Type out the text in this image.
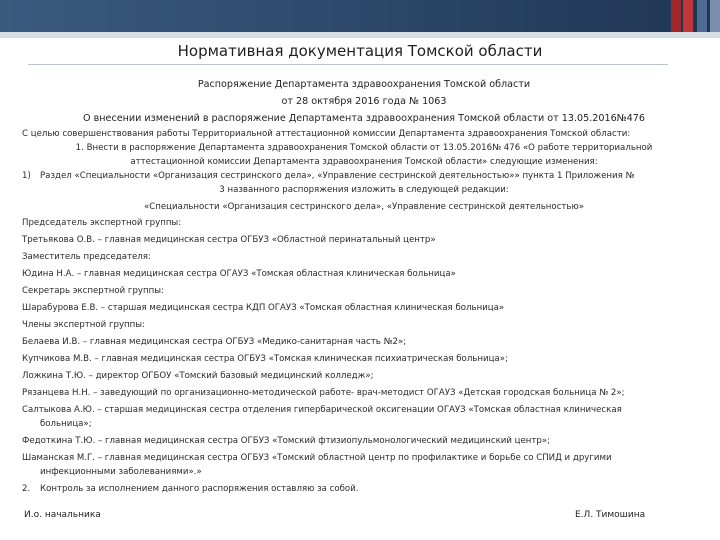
Нормативная документация Томской области
Распоряжение Департамента здравоохранения Томской области
от 28 октября 2016 года № 1063
О внесении изменений в распоряжение Департамента здравоохранения Томской области от 13.05.2016№476

С целью совершенствования работы Территориальной аттестационной комиссии Департамента здравоохранения Томской области:

1. Внести в распоряжение Департамента здравоохранения Томской области от 13.05.2016№ 476 «О работе территориальной
аттестационной комиссии Департамента здравоохранения Томской области» следующие изменения:

1) Раздел «Специальности «Организация сестринского дела», «Управление сестринской деятельностью»» пункта 1 Приложения №

3 названного распоряжения изложить в следующей редакции:

«Специальности «Организация сестринского дела», «Управление сестринской деятельностью»

Председатель экспертной группы:

Третьякова О.В. – главная медицинская сестра ОГБУЗ «Областной перинатальный центр»

Заместитель председателя:

Юдина Н.А. – главная медицинская сестра ОГАУЗ «Томская областная клиническая больница»

Секретарь экспертной группы:

Шарабурова Е.В. – старшая медицинская сестра КДП ОГАУЗ «Томская областная клиническая больница»

Члены экспертной группы:

Белаева И.В. – главная медицинская сестра ОГБУЗ «Медико-санитарная часть №2»;

Купчикова М.В. – главная медицинская сестра ОГБУЗ «Томская клиническая психиатрическая больница»;

Ложкина Т.Ю. – директор ОГБОУ «Томский базовый медицинский колледж»;

Рязанцева Н.Н. – заведующий по организационно-методической работе- врач-методист ОГАУЗ «Детская городская больница № 2»;

Салтыкова А.Ю. – старшая медицинская сестра отделения гипербарической оксигенации ОГАУЗ «Томская областная клиническая

больница»;

Федоткина Т.Ю. – главная медицинская сестра ОГБУЗ «Томский фтизиопульмонологический медицинский центр»;

Шаманская М.Г. – главная медицинская сестра ОГБУЗ «Томский областной центр по профилактике и борьбе со СПИД и другими

инфекционными заболеваниями».»

2. Контроль за исполнением данного распоряжения оставляю за собой.

И.о. начальника	Е.Л. Тимошина
